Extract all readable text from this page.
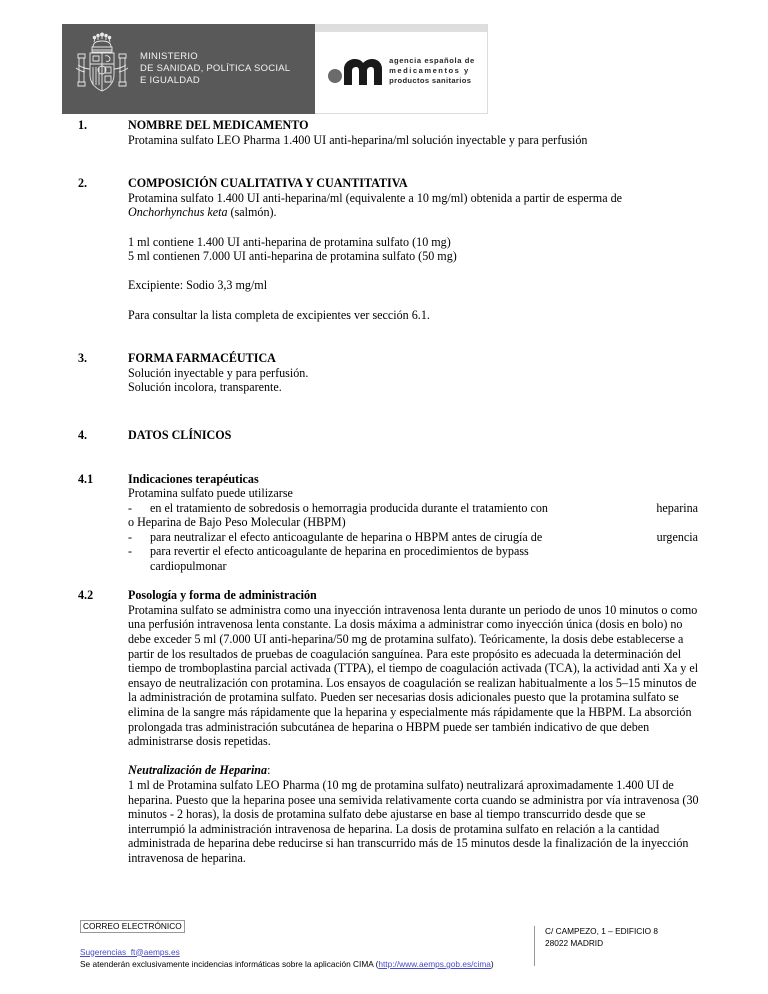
MINISTERIO
DE SANIDAD, POLÍTICA SOCIAL
E IGUALDAD
agencia española de
medicamentos y
productos sanitarios
1.	NOMBRE DEL MEDICAMENTO
Protamina sulfato LEO Pharma 1.400 UI anti-heparina/ml solución inyectable y para perfusión
2.	COMPOSICIÓN CUALITATIVA Y CUANTITATIVA
Protamina sulfato 1.400 UI anti-heparina/ml (equivalente a 10 mg/ml) obtenida a partir de esperma de Onchorhynchus keta (salmón).
1 ml contiene 1.400 UI anti-heparina de protamina sulfato (10 mg)
5 ml contienen 7.000 UI anti-heparina de protamina sulfato (50 mg)
Excipiente: Sodio 3,3 mg/ml
Para consultar la lista completa de excipientes ver sección 6.1.
3.	FORMA FARMACÉUTICA
Solución inyectable y para perfusión.
Solución incolora, transparente.
4.	DATOS CLÍNICOS
4.1	Indicaciones terapéuticas
Protamina sulfato puede utilizarse
-	heparina
en el tratamiento de sobredosis o hemorragia producida durante el tratamiento con
o Heparina de Bajo Peso Molecular (HBPM)
-	urgencia
para neutralizar el efecto anticoagulante de heparina o HBPM antes de cirugía de
-	para revertir el efecto anticoagulante de heparina en procedimientos de bypass
cardiopulmonar
4.2	Posología y forma de administración
Protamina sulfato se administra como una inyección intravenosa lenta durante un periodo de unos 10 minutos o como una perfusión intravenosa lenta constante. La dosis máxima a administrar como inyección única (dosis en bolo) no debe exceder 5 ml (7.000 UI anti-heparina/50 mg de protamina sulfato). Teóricamente, la dosis debe establecerse a partir de los resultados de pruebas de coagulación sanguínea. Para este propósito es adecuada la determinación del tiempo de tromboplastina parcial activada (TTPA), el tiempo de coagulación activada (TCA), la actividad anti Xa y el ensayo de neutralización con protamina. Los ensayos de coagulación se realizan habitualmente a los 5–15 minutos de la administración de protamina sulfato. Pueden ser necesarias dosis adicionales puesto que la protamina sulfato se elimina de la sangre más rápidamente que la heparina y especialmente más rápidamente que la HBPM. La absorción prolongada tras administración subcutánea de heparina o HBPM puede ser también indicativo de que deben administrarse dosis repetidas.
Neutralización de Heparina:
1 ml de Protamina sulfato LEO Pharma (10 mg de protamina sulfato) neutralizará aproximadamente 1.400 UI de heparina. Puesto que la heparina posee una semivida relativamente corta cuando se administra por vía intravenosa (30 minutos - 2 horas), la dosis de protamina sulfato debe ajustarse en base al tiempo transcurrido desde que se interrumpió la administración intravenosa de heparina. La dosis de protamina sulfato en relación a la cantidad administrada de heparina debe reducirse si han transcurrido más de 15 minutos desde la finalización de la inyección intravenosa de heparina.
CORREO ELECTRÓNICO
Sugerencias_ft@aemps.es
Se atenderán exclusivamente incidencias informáticas sobre la aplicación CIMA (http://www.aemps.gob.es/cima)
C/ CAMPEZO, 1 – EDIFICIO 8
28022 MADRID
